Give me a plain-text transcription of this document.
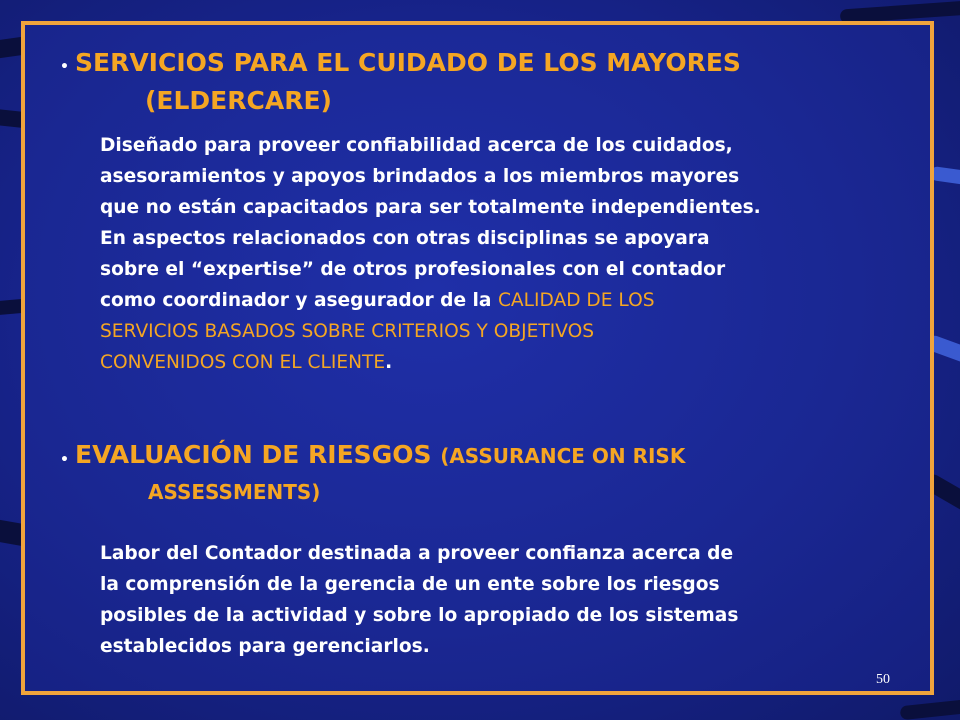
• SERVICIOS PARA EL CUIDADO DE LOS MAYORES
(ELDERCARE)
Diseñado para proveer confiabilidad acerca de los cuidados,
asesoramientos y apoyos brindados a los miembros mayores
que no están capacitados para ser totalmente independientes.
En aspectos relacionados con otras disciplinas se apoyara
sobre el “expertise” de otros profesionales con el contador
como coordinador y asegurador de la CALIDAD DE LOS
SERVICIOS BASADOS SOBRE CRITERIOS Y OBJETIVOS
CONVENIDOS CON EL CLIENTE.
• EVALUACIÓN DE RIESGOS (ASSURANCE ON RISK
ASSESSMENTS)
Labor del Contador destinada a proveer confianza acerca de
la comprensión de la gerencia de un ente sobre los riesgos
posibles de la actividad y sobre lo apropiado de los sistemas
establecidos para gerenciarlos.
50
